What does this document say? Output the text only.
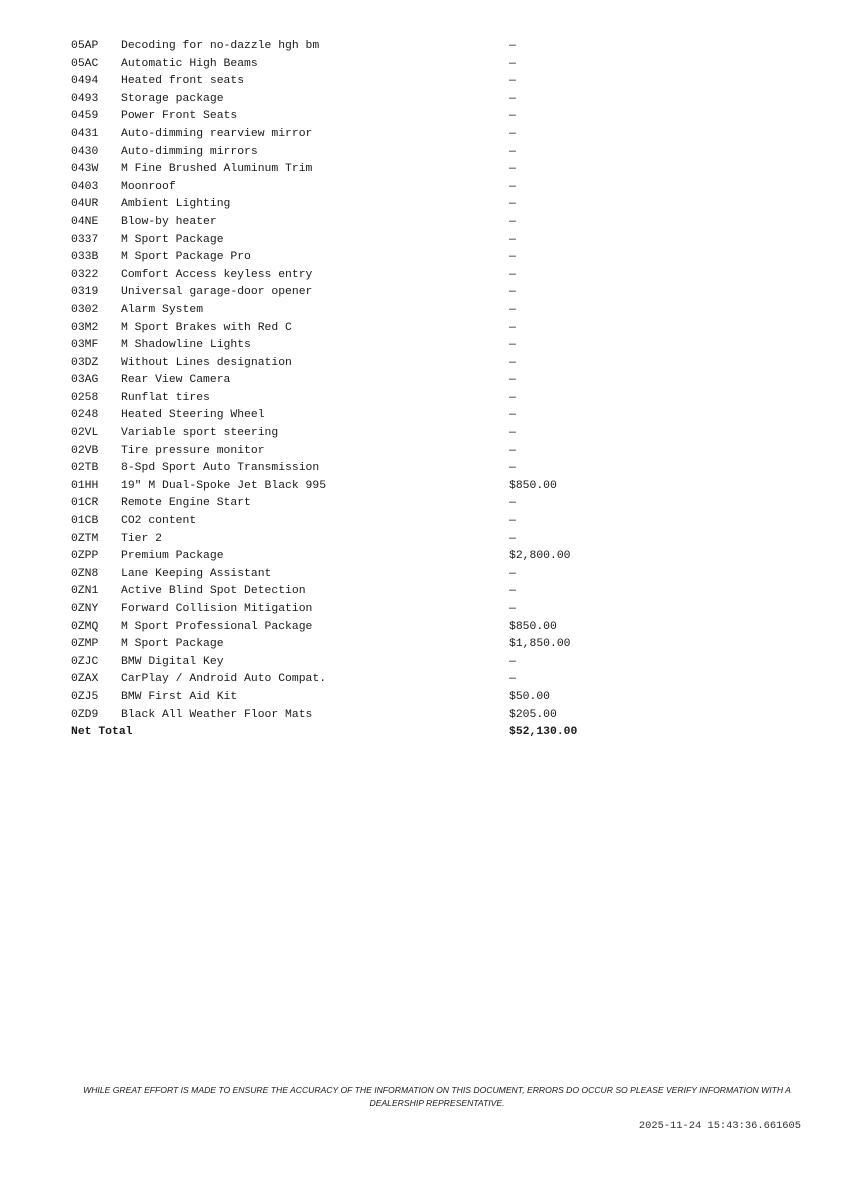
05AP	Decoding for no-dazzle hgh bm	—
05AC	Automatic High Beams	—
0494	Heated front seats	—
0493	Storage package	—
0459	Power Front Seats	—
0431	Auto-dimming rearview mirror	—
0430	Auto-dimming mirrors	—
043W	M Fine Brushed Aluminum Trim	—
0403	Moonroof	—
04UR	Ambient Lighting	—
04NE	Blow-by heater	—
0337	M Sport Package	—
033B	M Sport Package Pro	—
0322	Comfort Access keyless entry	—
0319	Universal garage-door opener	—
0302	Alarm System	—
03M2	M Sport Brakes with Red C	—
03MF	M Shadowline Lights	—
03DZ	Without Lines designation	—
03AG	Rear View Camera	—
0258	Runflat tires	—
0248	Heated Steering Wheel	—
02VL	Variable sport steering	—
02VB	Tire pressure monitor	—
02TB	8-Spd Sport Auto Transmission	—
01HH	19" M Dual-Spoke Jet Black 995	$850.00
01CR	Remote Engine Start	—
01CB	CO2 content	—
0ZTM	Tier 2	—
0ZPP	Premium Package	$2,800.00
0ZN8	Lane Keeping Assistant	—
0ZN1	Active Blind Spot Detection	—
0ZNY	Forward Collision Mitigation	—
0ZMQ	M Sport Professional Package	$850.00
0ZMP	M Sport Package	$1,850.00
0ZJC	BMW Digital Key	—
0ZAX	CarPlay / Android Auto Compat.	—
0ZJ5	BMW First Aid Kit	$50.00
0ZD9	Black All Weather Floor Mats	$205.00
Net Total	$52,130.00
WHILE GREAT EFFORT IS MADE TO ENSURE THE ACCURACY OF THE INFORMATION ON THIS DOCUMENT, ERRORS DO OCCUR SO PLEASE VERIFY INFORMATION WITH A DEALERSHIP REPRESENTATIVE.
2025-11-24 15:43:36.661605
